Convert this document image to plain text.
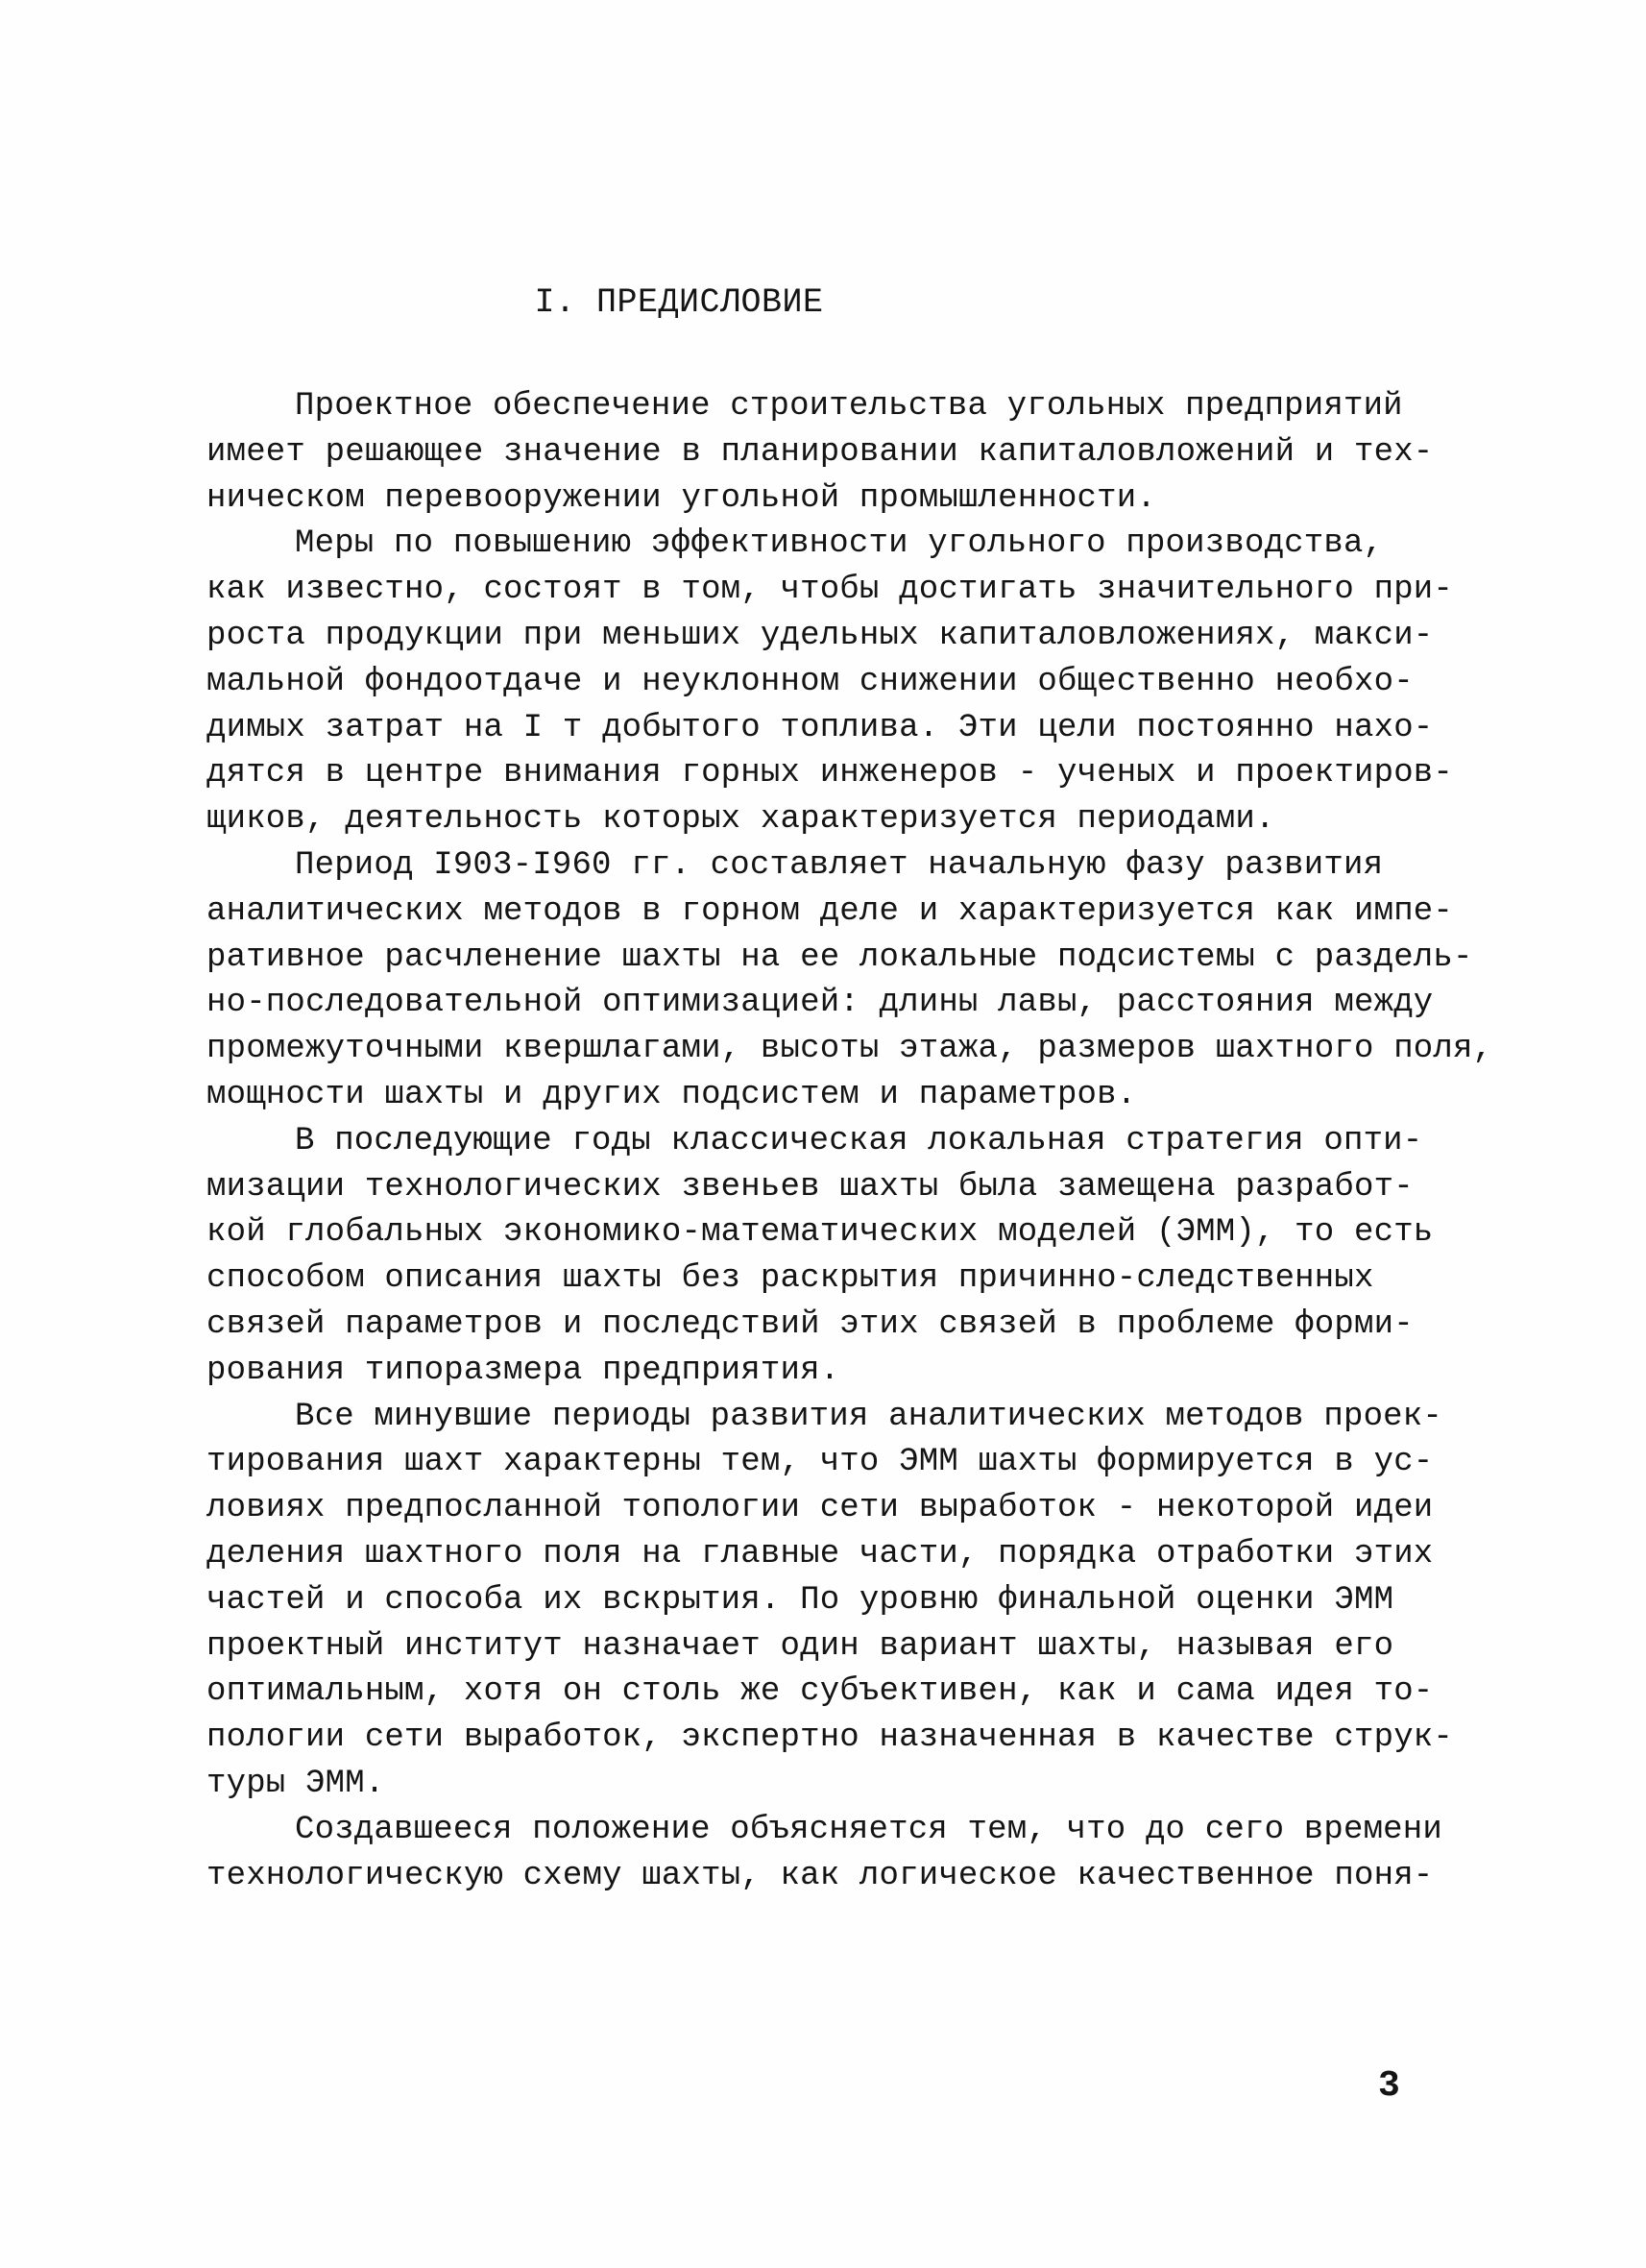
I. ПРЕДИСЛОВИЕ
Проектное обеспечение строительства угольных предприятий
имеет решающее значение в планировании капиталовложений и тех-
ническом перевооружении угольной промышленности.
Меры по повышению эффективности угольного производства,
как известно, состоят в том, чтобы достигать значительного при-
роста продукции при меньших удельных капиталовложениях, макси-
мальной фондоотдаче и неуклонном снижении общественно необхо-
димых затрат на I т добытого топлива. Эти цели постоянно нахо-
дятся в центре внимания горных инженеров - ученых и проектиров-
щиков, деятельность которых характеризуется периодами.
Период I903-I960 гг. составляет начальную фазу развития
аналитических методов в горном деле и характеризуется как импе-
ративное расчленение шахты на ее локальные подсистемы с раздель-
но-последовательной оптимизацией: длины лавы, расстояния между
промежуточными квершлагами, высоты этажа, размеров шахтного поля,
мощности шахты и других подсистем и параметров.
В последующие годы классическая локальная стратегия опти-
мизации технологических звеньев шахты была замещена разработ-
кой глобальных экономико-математических моделей (ЭММ), то есть
способом описания шахты без раскрытия причинно-следственных
связей параметров и последствий этих связей в проблеме форми-
рования типоразмера предприятия.
Все минувшие периоды развития аналитических методов проек-
тирования шахт характерны тем, что ЭММ шахты формируется в ус-
ловиях предпосланной топологии сети выработок - некоторой идеи
деления шахтного поля на главные части, порядка отработки этих
частей и способа их вскрытия. По уровню финальной оценки ЭММ
проектный институт назначает один вариант шахты, называя его
оптимальным, хотя он столь же субъективен, как и сама идея то-
пологии сети выработок, экспертно назначенная в качестве струк-
туры ЭММ.
Создавшееся положение объясняется тем, что до сего времени
технологическую схему шахты, как логическое качественное поня-
3
